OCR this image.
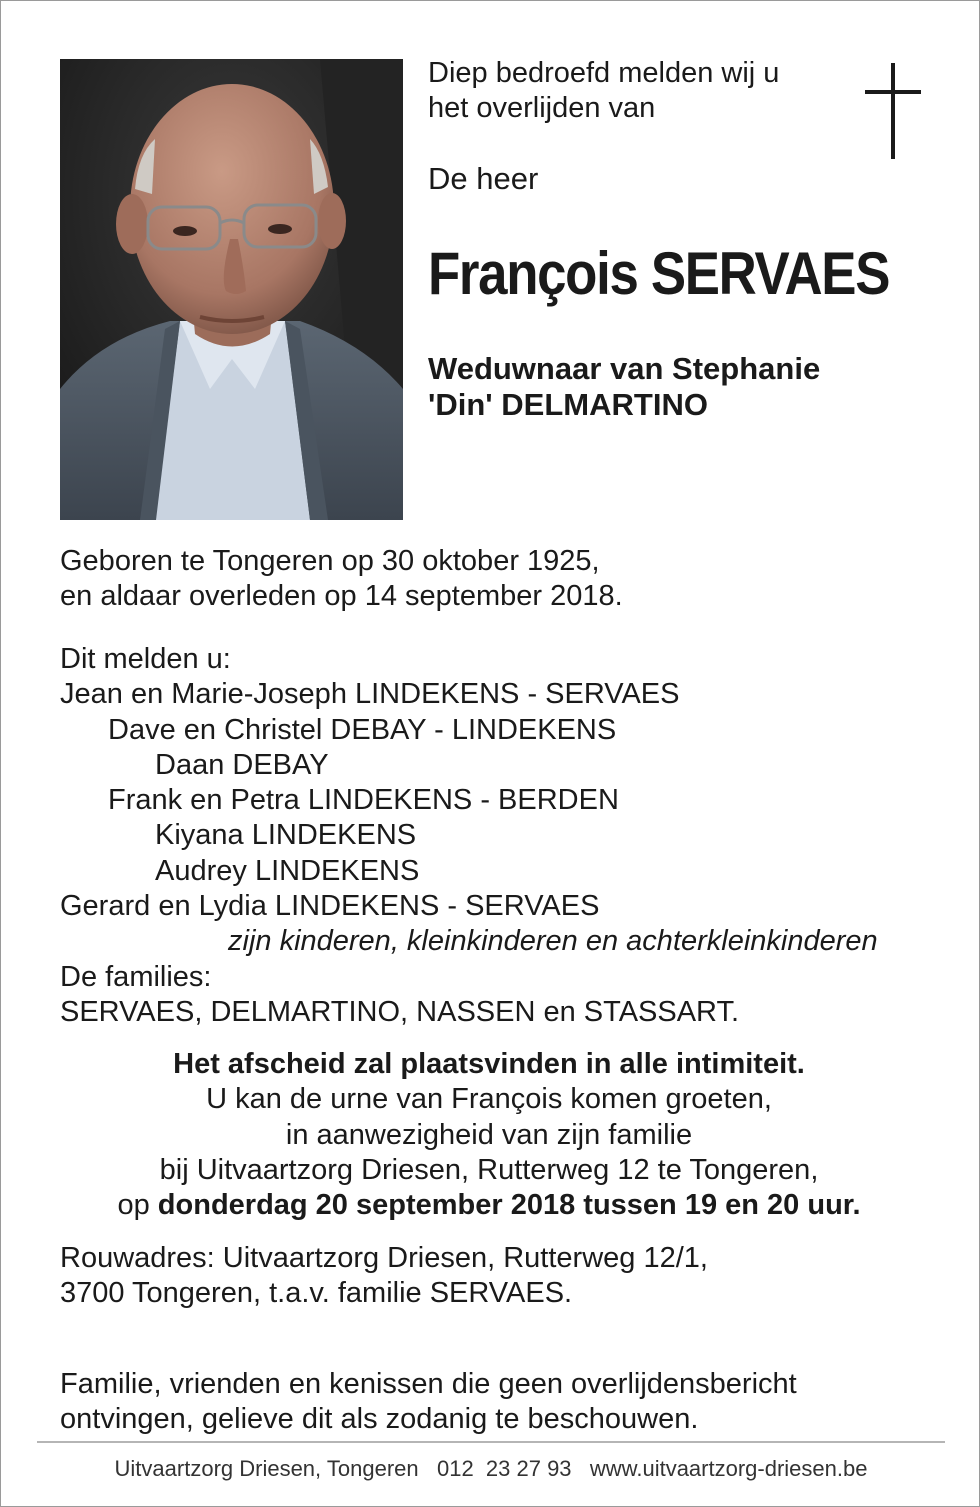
Diep bedroefd melden wij u
het overlijden van
De heer
François SERVAES
Weduwnaar van Stephanie
'Din' DELMARTINO
Geboren te Tongeren op 30 oktober 1925,
en aldaar overleden op 14 september 2018.
Dit melden u:
Jean en Marie-Joseph LINDEKENS - SERVAES
Dave en Christel DEBAY - LINDEKENS
Daan DEBAY
Frank en Petra LINDEKENS - BERDEN
Kiyana LINDEKENS
Audrey LINDEKENS
Gerard en Lydia LINDEKENS - SERVAES
zijn kinderen, kleinkinderen en achterkleinkinderen
De families:
SERVAES, DELMARTINO, NASSEN en STASSART.
Het afscheid zal plaatsvinden in alle intimiteit.
U kan de urne van François komen groeten,
in aanwezigheid van zijn familie
bij Uitvaartzorg Driesen, Rutterweg 12 te Tongeren,
op donderdag 20 september 2018 tussen 19 en 20 uur.
Rouwadres: Uitvaartzorg Driesen, Rutterweg 12/1,
3700 Tongeren, t.a.v. familie SERVAES.
Familie, vrienden en kenissen die geen overlijdensbericht
ontvingen, gelieve dit als zodanig te beschouwen.
Uitvaartzorg Driesen, Tongeren 012  23 27 93 www.uitvaartzorg-driesen.be
